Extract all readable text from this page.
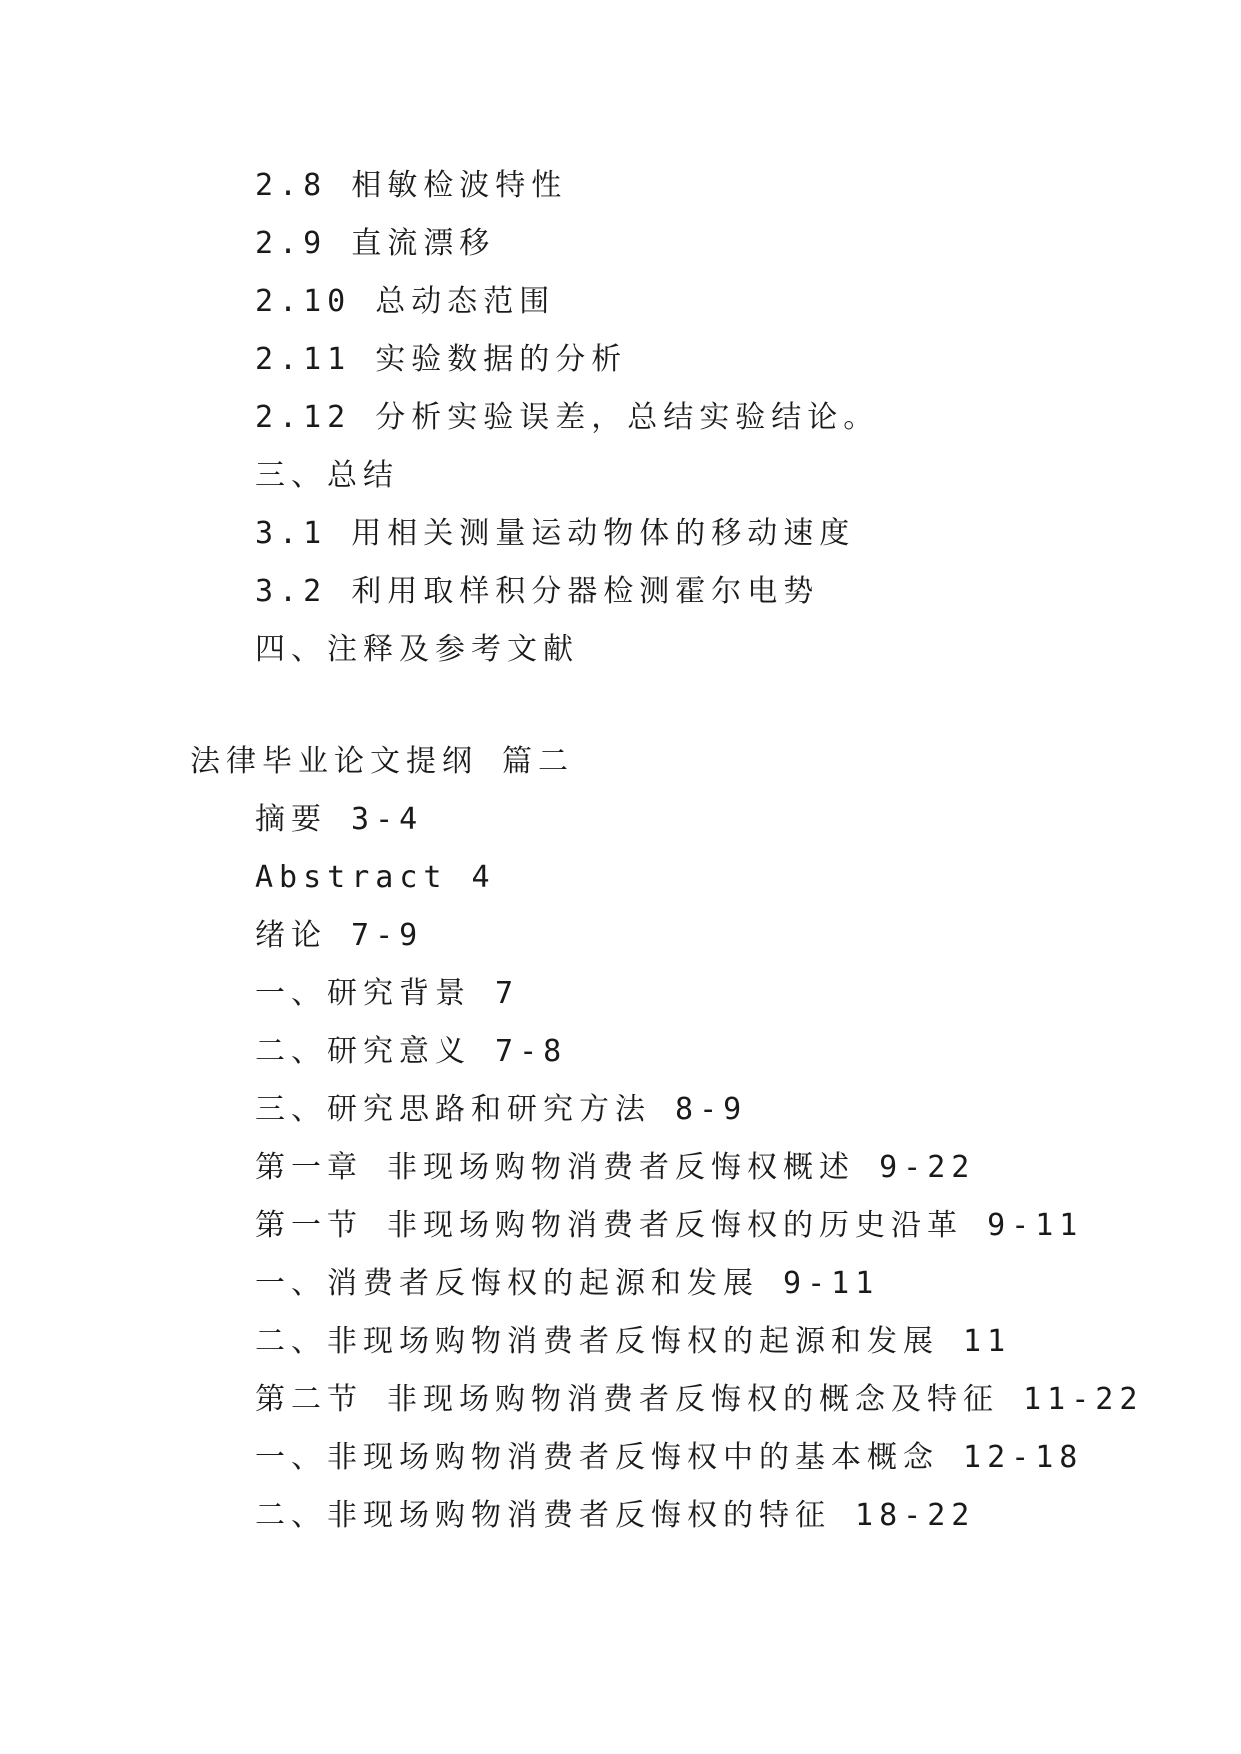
2.8 相敏检波特性
2.9 直流漂移
2.10 总动态范围
2.11 实验数据的分析
2.12 分析实验误差，总结实验结论。
三、总结
3.1 用相关测量运动物体的移动速度
3.2 利用取样积分器检测霍尔电势
四、注释及参考文献
法律毕业论文提纲 篇二
摘要 3-4
Abstract 4
绪论 7-9
一、研究背景 7
二、研究意义 7-8
三、研究思路和研究方法 8-9
第一章 非现场购物消费者反悔权概述 9-22
第一节 非现场购物消费者反悔权的历史沿革 9-11
一、消费者反悔权的起源和发展 9-11
二、非现场购物消费者反悔权的起源和发展 11
第二节 非现场购物消费者反悔权的概念及特征 11-22
一、非现场购物消费者反悔权中的基本概念 12-18
二、非现场购物消费者反悔权的特征 18-22
